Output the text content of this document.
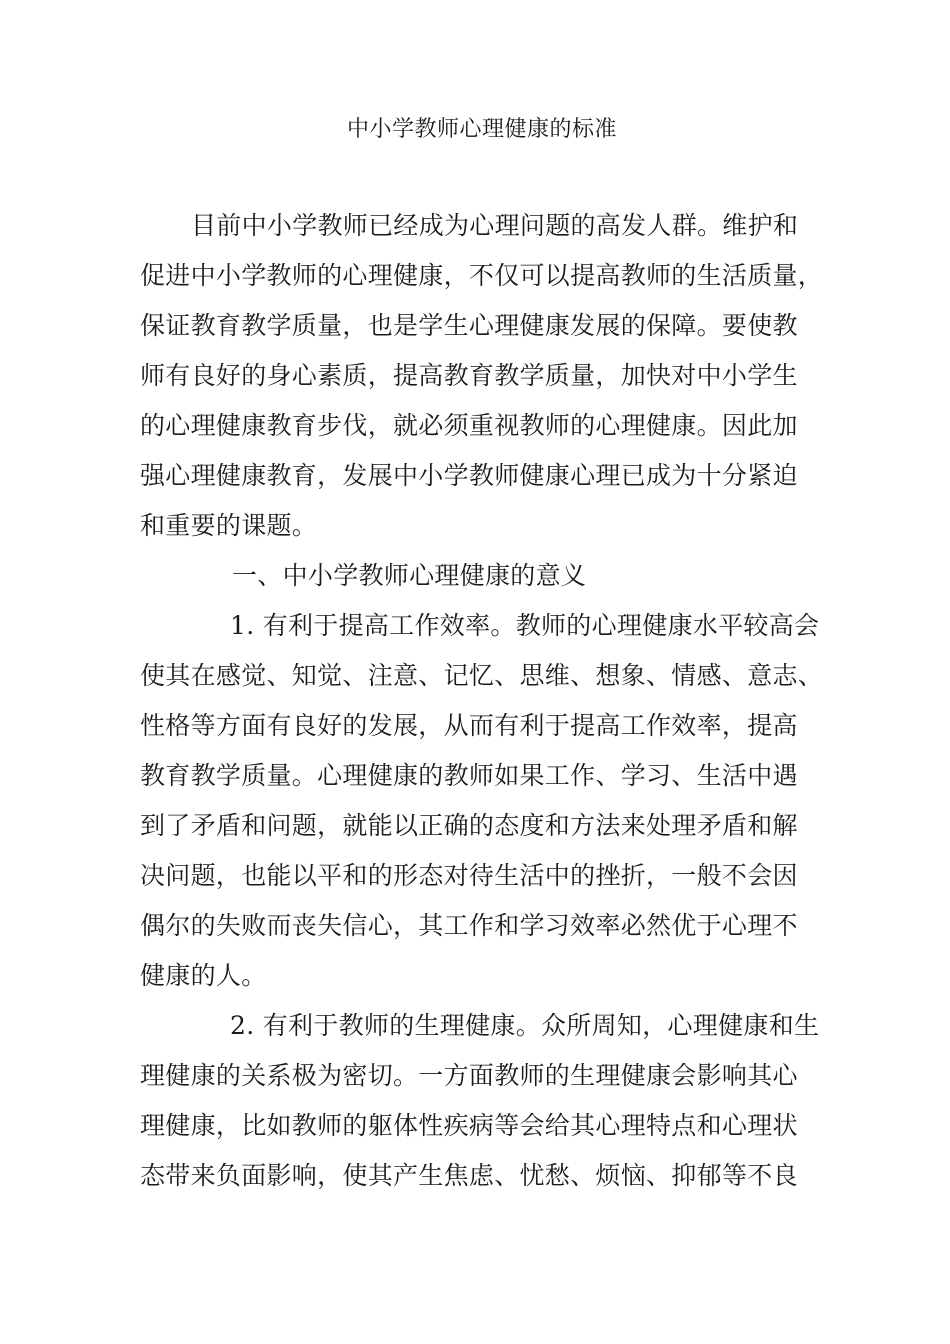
中小学教师心理健康的标准
目前中小学教师已经成为心理问题的高发人群。维护和
促进中小学教师的心理健康，不仅可以提高教师的生活质量，
保证教育教学质量，也是学生心理健康发展的保障。要使教
师有良好的身心素质，提高教育教学质量，加快对中小学生
的心理健康教育步伐，就必须重视教师的心理健康。因此加
强心理健康教育，发展中小学教师健康心理已成为十分紧迫
和重要的课题。
一、中小学教师心理健康的意义
1. 有利于提高工作效率。教师的心理健康水平较高会
使其在感觉、知觉、注意、记忆、思维、想象、情感、意志、
性格等方面有良好的发展，从而有利于提高工作效率，提高
教育教学质量。心理健康的教师如果工作、学习、生活中遇
到了矛盾和问题，就能以正确的态度和方法来处理矛盾和解
决问题，也能以平和的形态对待生活中的挫折，一般不会因
偶尔的失败而丧失信心，其工作和学习效率必然优于心理不
健康的人。
2. 有利于教师的生理健康。众所周知，心理健康和生
理健康的关系极为密切。一方面教师的生理健康会影响其心
理健康，比如教师的躯体性疾病等会给其心理特点和心理状
态带来负面影响，使其产生焦虑、忧愁、烦恼、抑郁等不良
